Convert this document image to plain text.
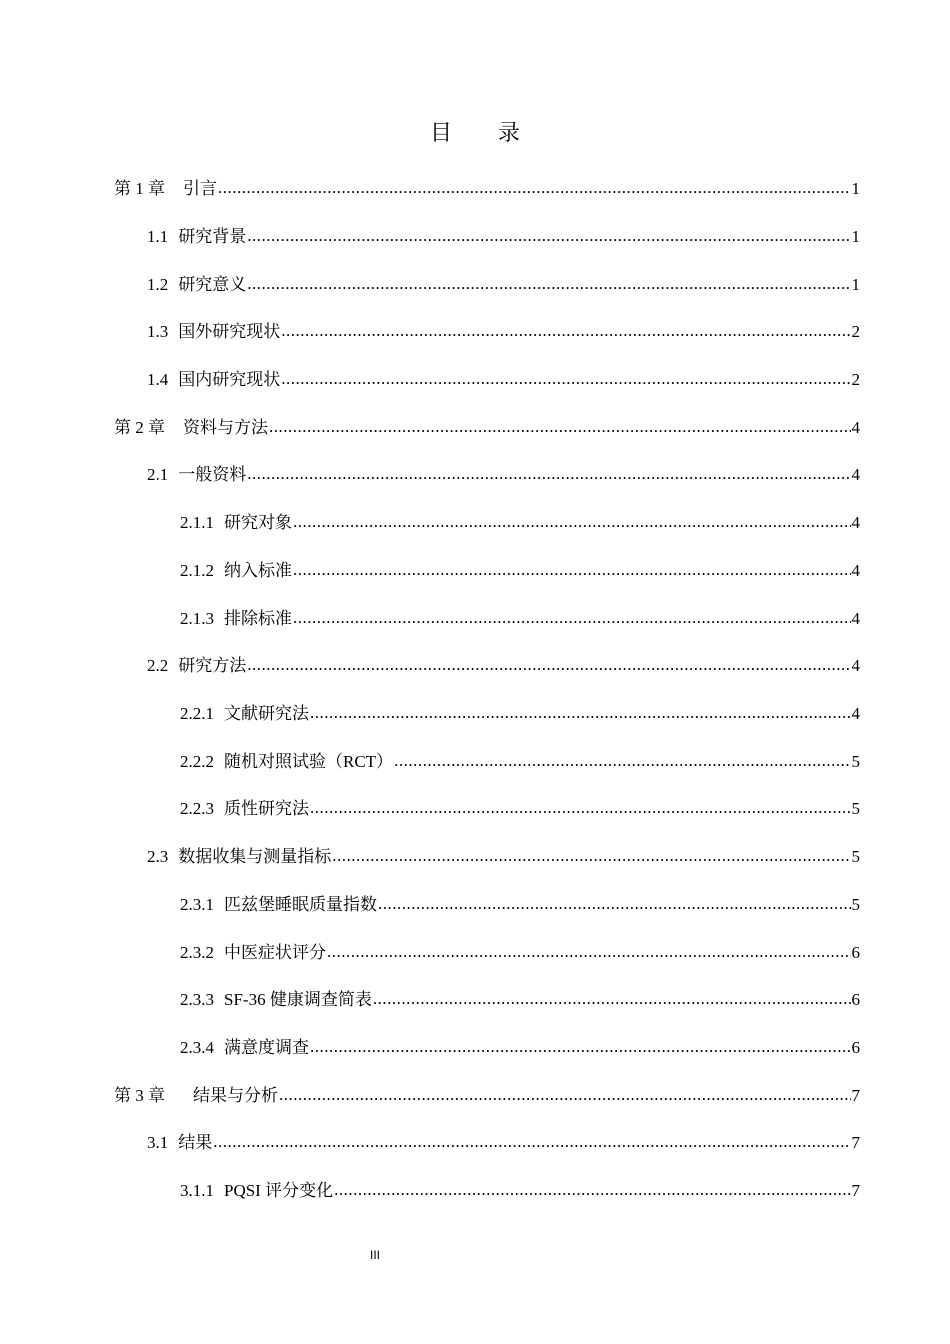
目 录
第 1 章 引言 .....	1
1.1 研究背景 .....	1
1.2 研究意义 .....	1
1.3 国外研究现状 .....	2
1.4 国内研究现状 .....	2
第 2 章 资料与方法 .....	4
2.1 一般资料 .....	4
2.1.1 研究对象 .....	4
2.1.2 纳入标准 .....	4
2.1.3 排除标准 .....	4
2.2 研究方法 .....	4
2.2.1 文献研究法 .....	4
2.2.2 随机对照试验（RCT） .....	5
2.2.3 质性研究法 .....	5
2.3 数据收集与测量指标 .....	5
2.3.1 匹兹堡睡眠质量指数 .....	5
2.3.2 中医症状评分 .....	6
2.3.3 SF-36 健康调查简表 .....	6
2.3.4 满意度调查 .....	6
第 3 章 结果与分析 .....	7
3.1 结果 .....	7
3.1.1 PQSI 评分变化 .....	7
III
